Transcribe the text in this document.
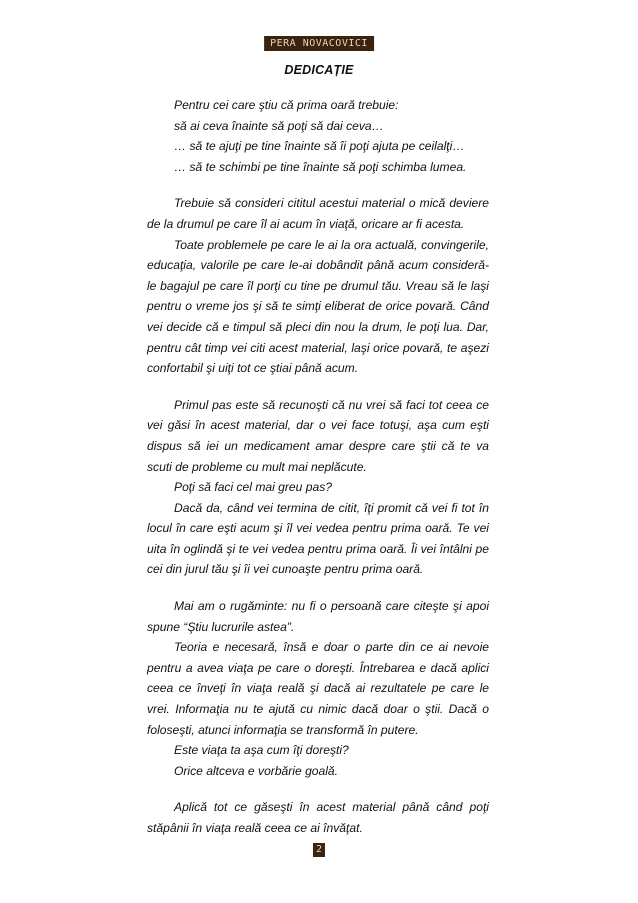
PERA NOVACOVICI
DEDICAȚIE
Pentru cei care ştiu că prima oară trebuie:
să ai ceva înainte să poţi să dai ceva…
… să te ajuţi pe tine înainte să îi poţi ajuta pe ceilalţi…
… să te schimbi pe tine înainte să poţi schimba lumea.

Trebuie să consideri cititul acestui material o mică deviere de la drumul pe care îl ai acum în viaţă, oricare ar fi acesta.

Toate problemele pe care le ai la ora actuală, convingerile, educaţia, valorile pe care le-ai dobândit până acum consideră-le bagajul pe care îl porţi cu tine pe drumul tău. Vreau să le laşi pentru o vreme jos şi să te simţi eliberat de orice povară. Când vei decide că e timpul să pleci din nou la drum, le poţi lua. Dar, pentru cât timp vei citi acest material, laşi orice povară, te aşezi confortabil şi uiţi tot ce ştiai până acum.

Primul pas este să recunoşti că nu vrei să faci tot ceea ce vei găsi în acest material, dar o vei face totuşi, aşa cum eşti dispus să iei un medicament amar despre care ştii că te va scuti de probleme cu mult mai neplăcute.

Poţi să faci cel mai greu pas?

Dacă da, când vei termina de citit, îţi promit că vei fi tot în locul în care eşti acum şi îl vei vedea pentru prima oară. Te vei uita în oglindă şi te vei vedea pentru prima oară. Îi vei întâlni pe cei din jurul tău şi îi vei cunoaşte pentru prima oară.

Mai am o rugăminte: nu fi o persoană care citeşte şi apoi spune “Ştiu lucrurile astea”.

Teoria e necesară, însă e doar o parte din ce ai nevoie pentru a avea viaţa pe care o doreşti. Întrebarea e dacă aplici ceea ce înveţi în viaţa reală şi dacă ai rezultatele pe care le vrei. Informaţia nu te ajută cu nimic dacă doar o ştii. Dacă o foloseşti, atunci informaţia se transformă în putere.

Este viaţa ta aşa cum îţi doreşti?

Orice altceva e vorbărie goală.

Aplică tot ce găseşti în acest material până când poţi stăpânii în viaţa reală ceea ce ai învăţat.

2
